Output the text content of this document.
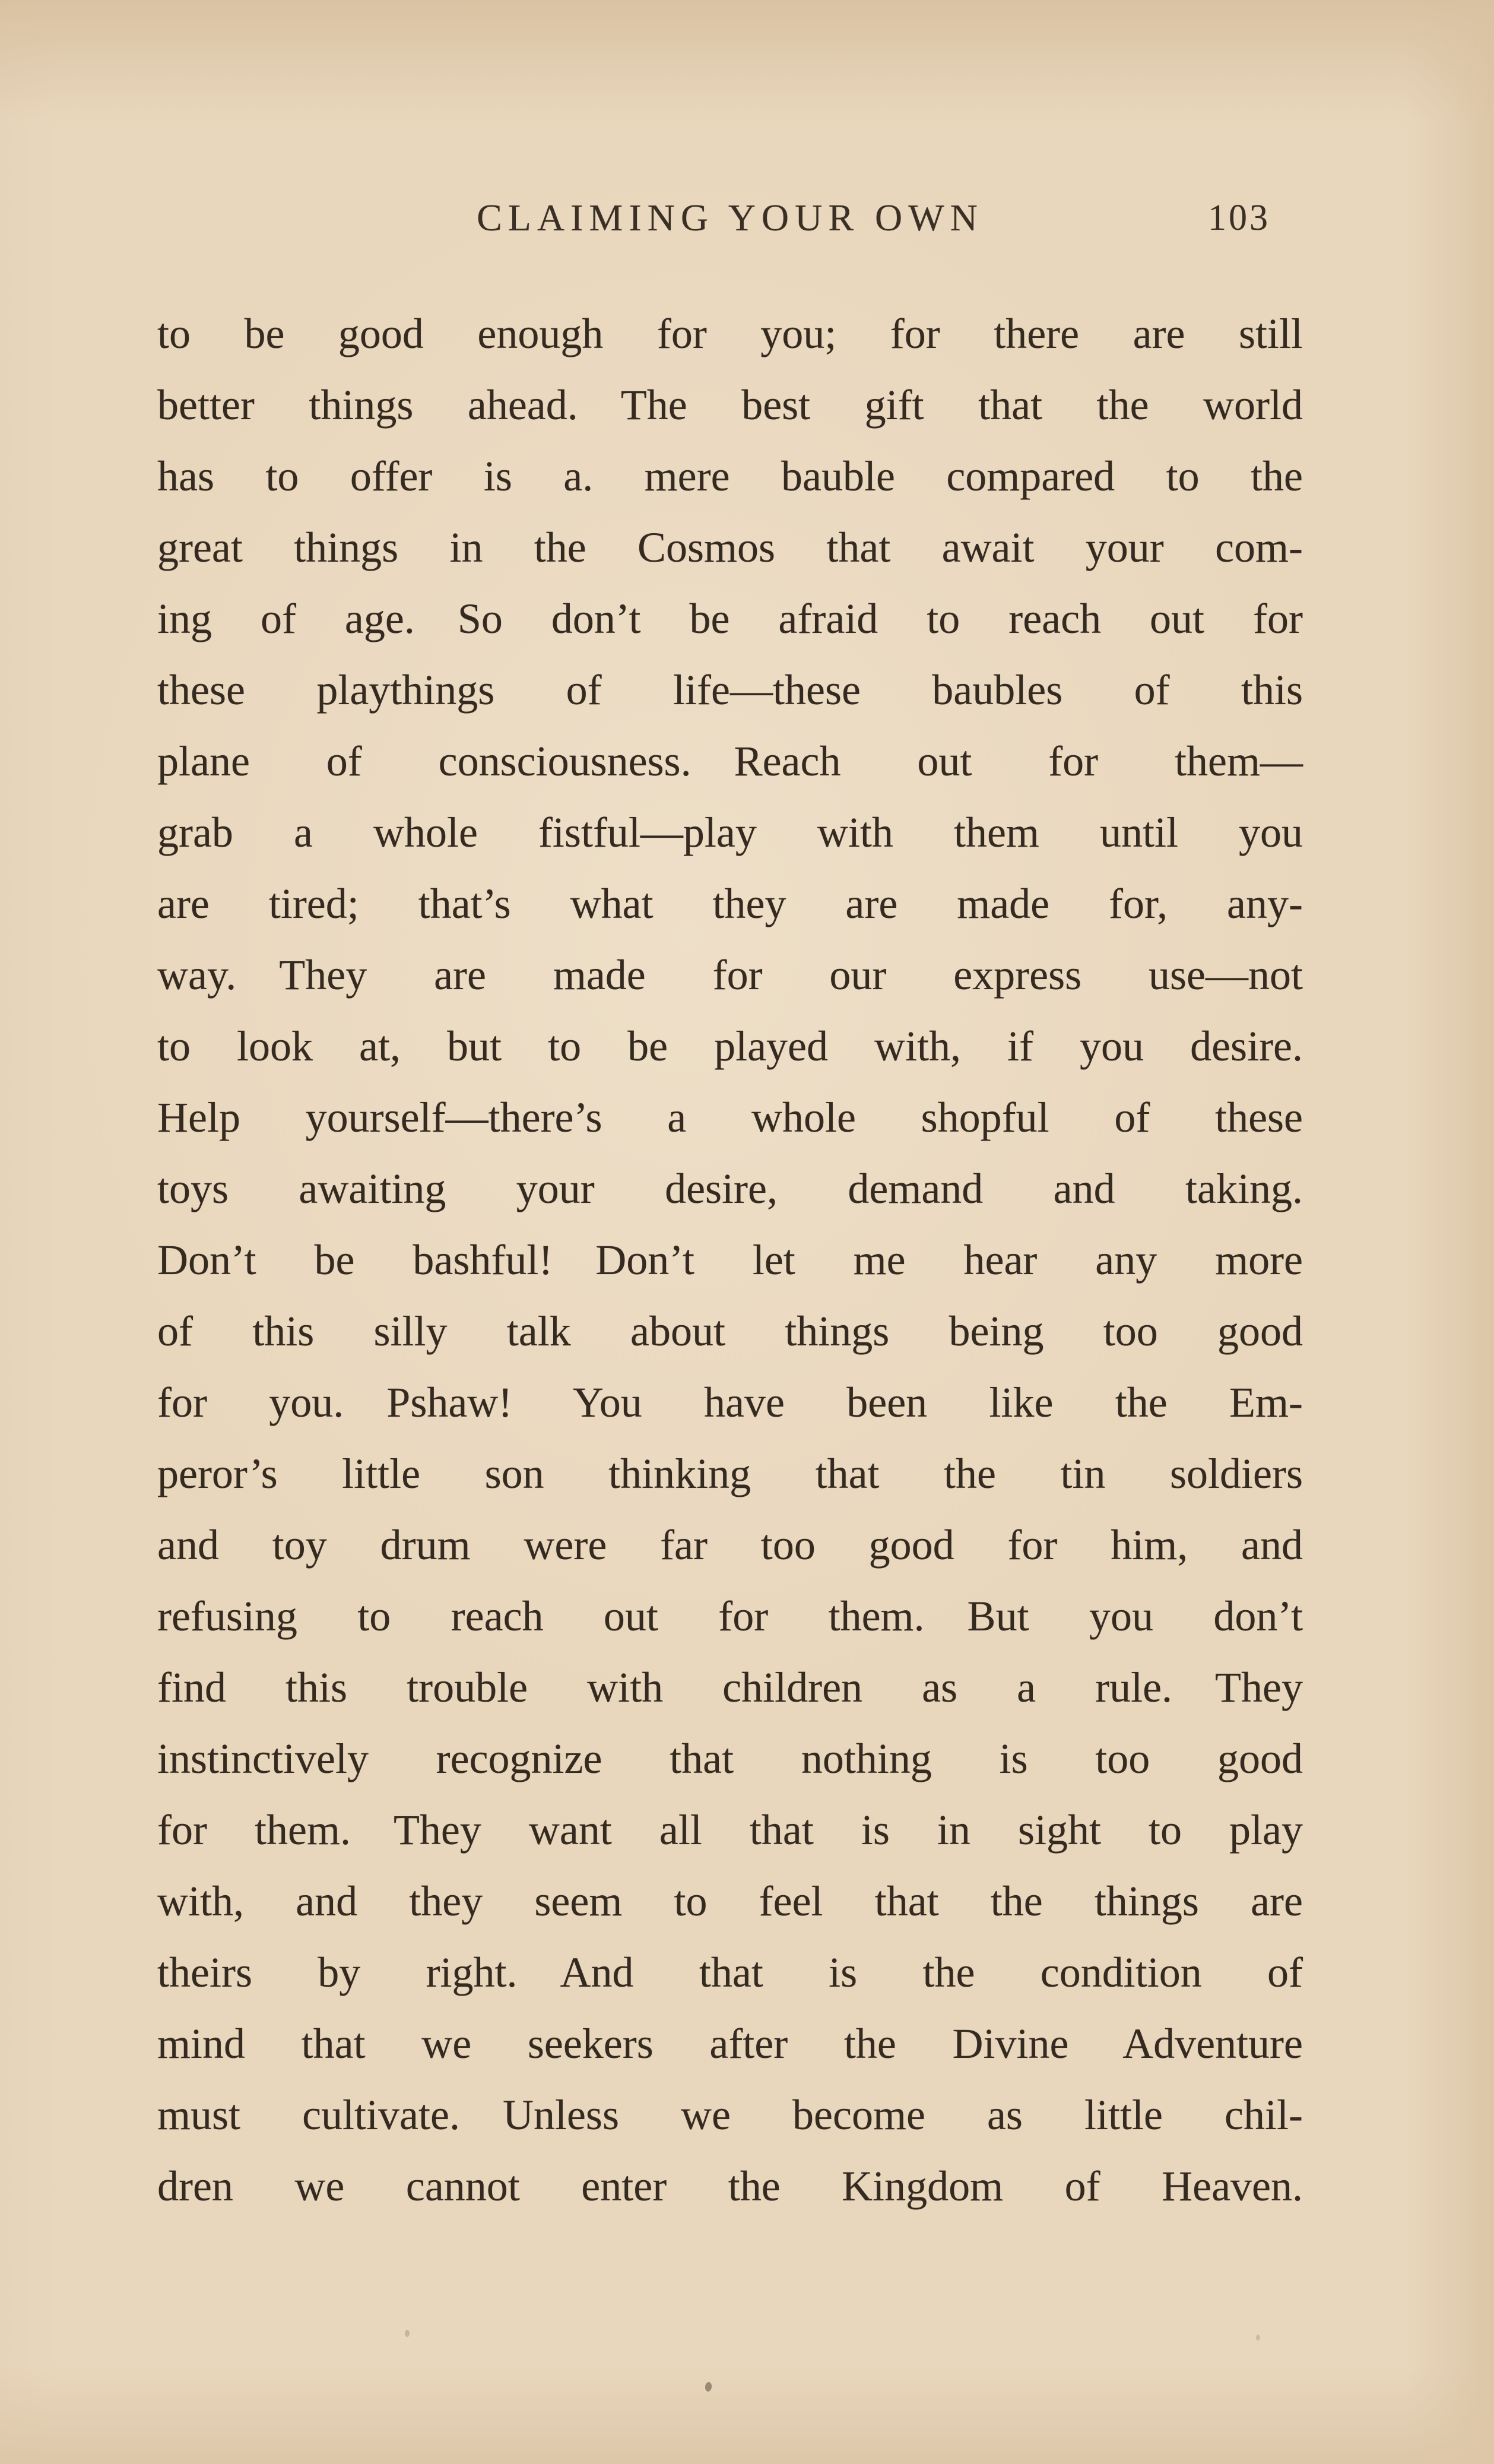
CLAIMING YOUR OWN	103
to be good enough for you; for there are still
better things ahead. The best gift that the world
has to offer is a. mere bauble compared to the
great things in the Cosmos that await your com-
ing of age. So don’t be afraid to reach out for
these playthings of life—these baubles of this
plane of consciousness. Reach out for them—
grab a whole fistful—play with them until you
are tired; that’s what they are made for, any-
way. They are made for our express use—not
to look at, but to be played with, if you desire.
Help yourself—there’s a whole shopful of these
toys awaiting your desire, demand and taking.
Don’t be bashful! Don’t let me hear any more
of this silly talk about things being too good
for you. Pshaw! You have been like the Em-
peror’s little son thinking that the tin soldiers
and toy drum were far too good for him, and
refusing to reach out for them. But you don’t
find this trouble with children as a rule. They
instinctively recognize that nothing is too good
for them. They want all that is in sight to play
with, and they seem to feel that the things are
theirs by right. And that is the condition of
mind that we seekers after the Divine Adventure
must cultivate. Unless we become as little chil-
dren we cannot enter the Kingdom of Heaven.
